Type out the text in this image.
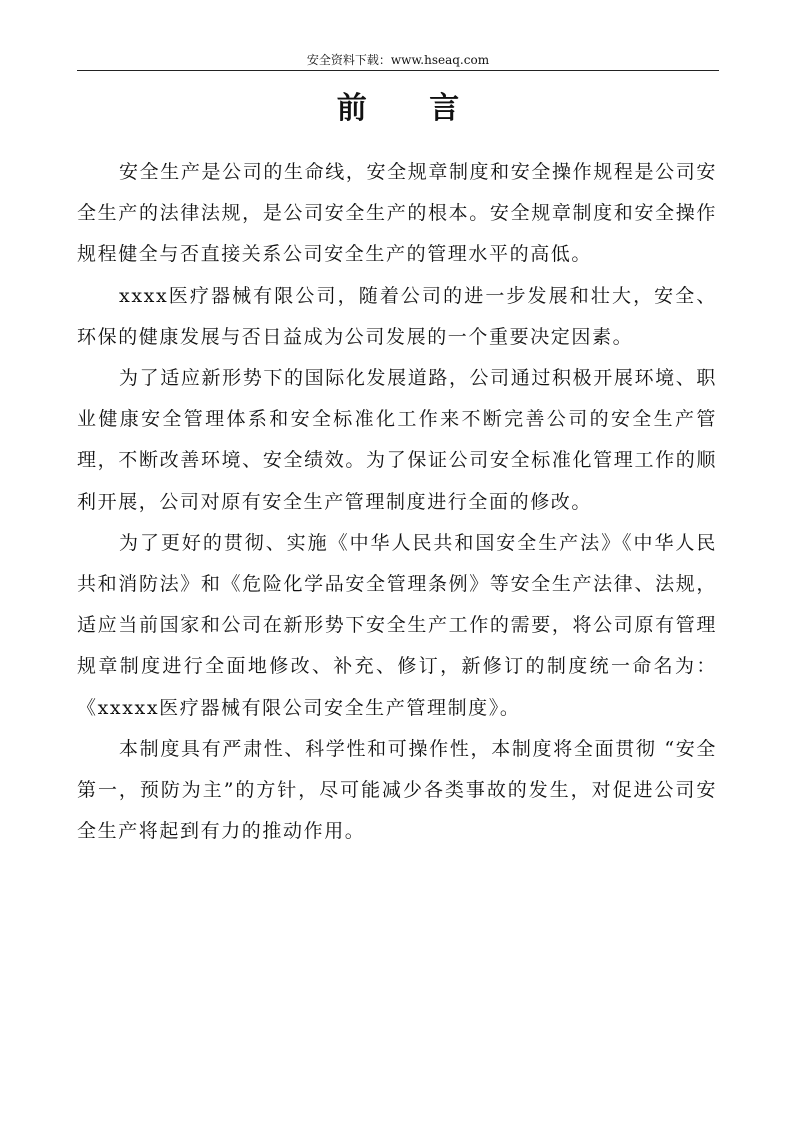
安全资料下载：www.hseaq.com
前 言

安全生产是公司的生命线，安全规章制度和安全操作规程是公司安全生产的法律法规，是公司安全生产的根本。安全规章制度和安全操作规程健全与否直接关系公司安全生产的管理水平的高低。

xxxx医疗器械有限公司，随着公司的进一步发展和壮大，安全、环保的健康发展与否日益成为公司发展的一个重要决定因素。

为了适应新形势下的国际化发展道路，公司通过积极开展环境、职业健康安全管理体系和安全标准化工作来不断完善公司的安全生产管理，不断改善环境、安全绩效。为了保证公司安全标准化管理工作的顺利开展，公司对原有安全生产管理制度进行全面的修改。

为了更好的贯彻、实施《中华人民共和国安全生产法》《中华人民共和消防法》和《危险化学品安全管理条例》等安全生产法律、法规，适应当前国家和公司在新形势下安全生产工作的需要，将公司原有管理规章制度进行全面地修改、补充、修订，新修订的制度统一命名为：《xxxxx医疗器械有限公司安全生产管理制度》。

本制度具有严肃性、科学性和可操作性，本制度将全面贯彻 “安全第一，预防为主”的方针，尽可能减少各类事故的发生，对促进公司安全生产将起到有力的推动作用。
